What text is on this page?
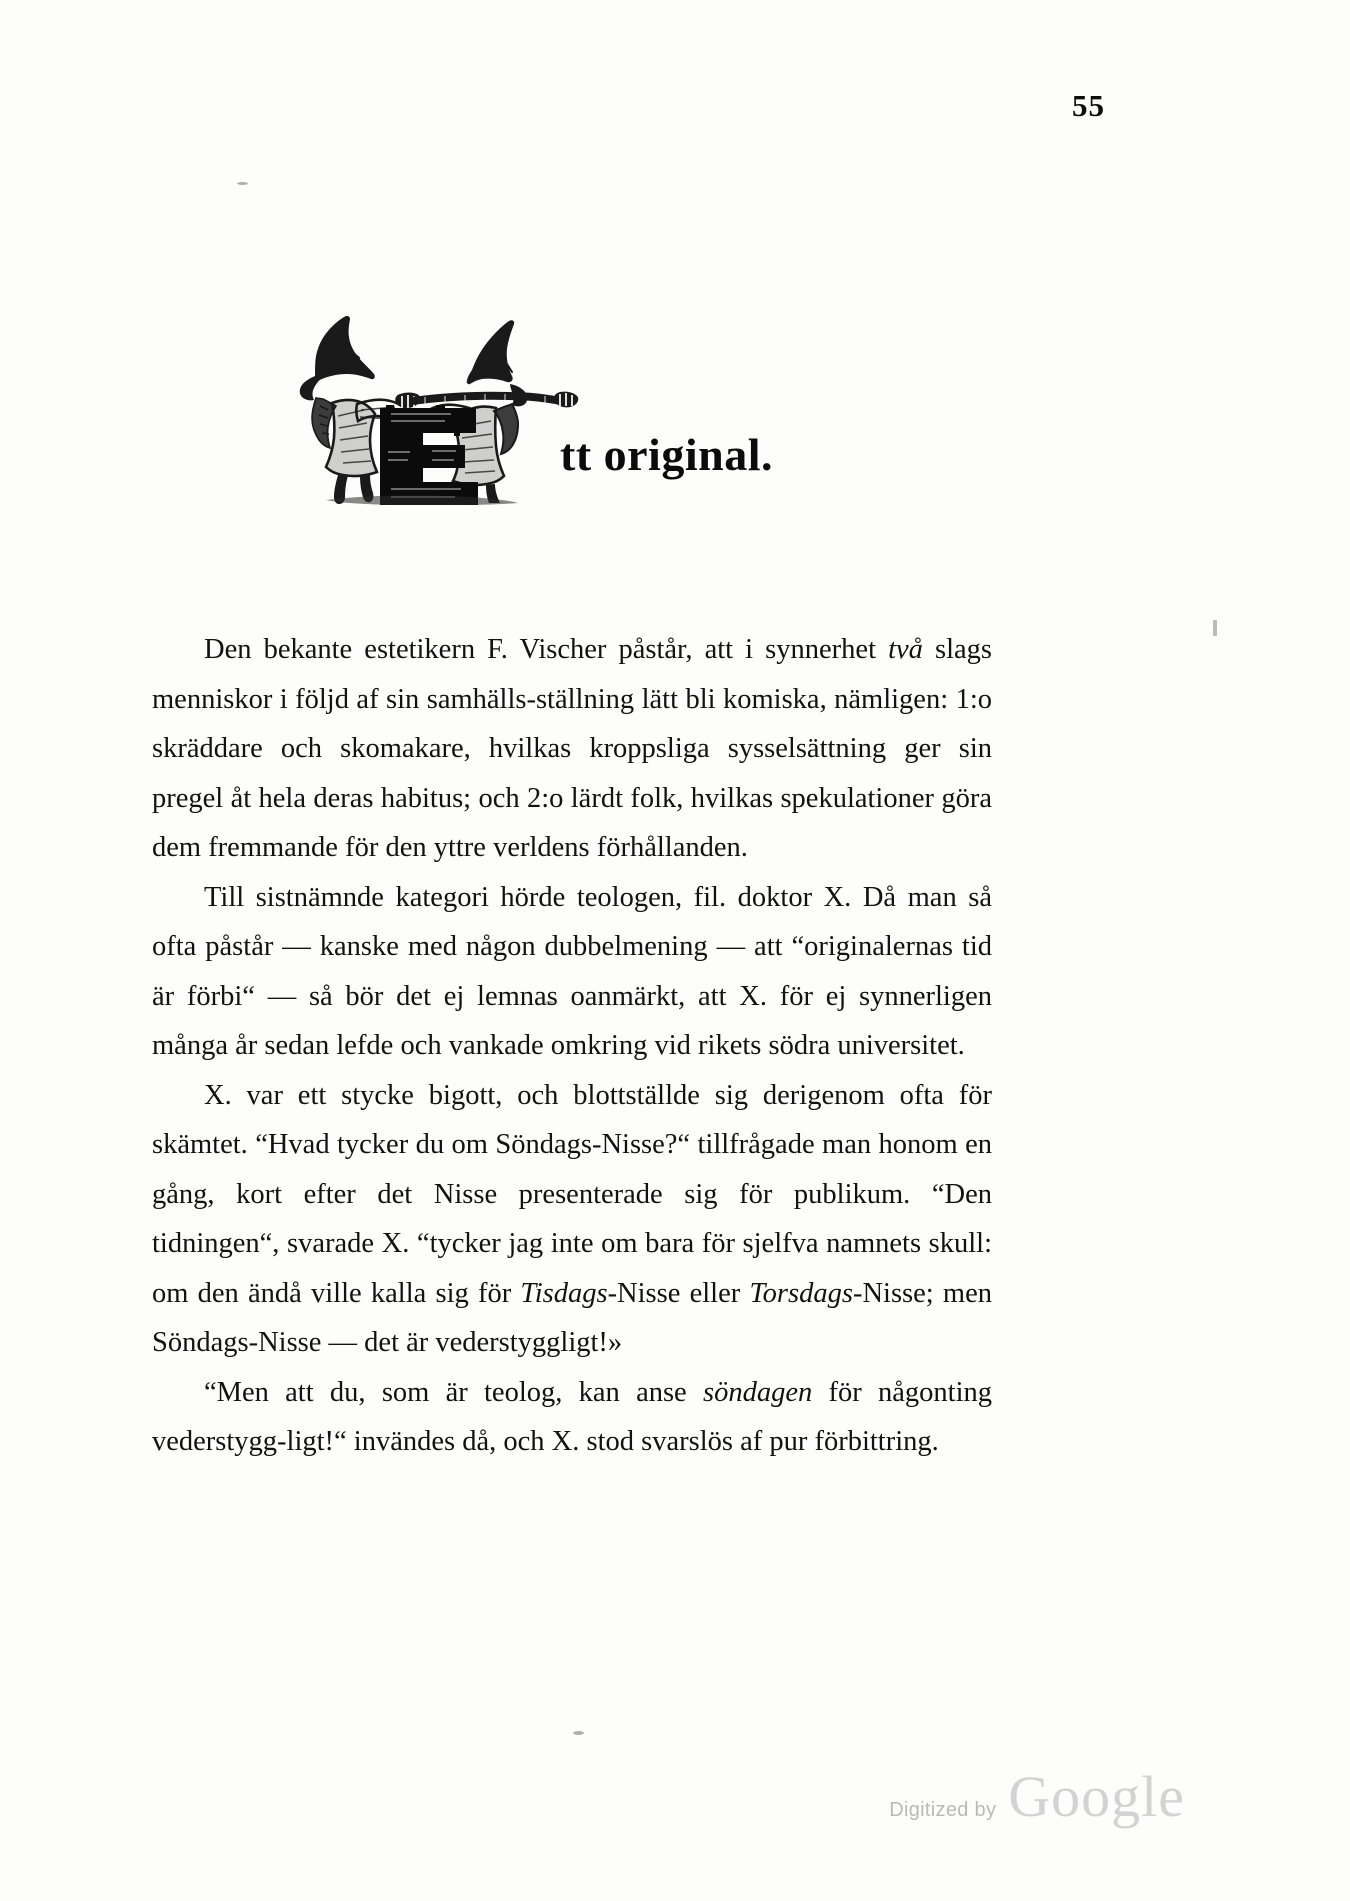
55
tt original.

Den bekante estetikern F. Vischer påstår, att i synnerhet två slags menniskor i följd af sin samhälls-ställning lätt bli komiska, nämligen: 1:o skräddare och skomakare, hvilkas kroppsliga sysselsättning ger sin pregel åt hela deras habitus; och 2:o lärdt folk, hvilkas spekulationer göra dem fremmande för den yttre verldens förhållanden.

Till sistnämnde kategori hörde teologen, fil. doktor X. Då man så ofta påstår — kanske med någon dubbelmening — att “originalernas tid är förbi“ — så bör det ej lemnas oanmärkt, att X. för ej synnerligen många år sedan lefde och vankade omkring vid rikets södra universitet.

X. var ett stycke bigott, och blottställde sig derigenom ofta för skämtet. “Hvad tycker du om Söndags-Nisse?“ tillfrågade man honom en gång, kort efter det Nisse presenterade sig för publikum. “Den tidningen“, svarade X. “tycker jag inte om bara för sjelfva namnets skull: om den ändå ville kalla sig för Tisdags-Nisse eller Torsdags-Nisse; men Söndags-Nisse — det är vederstyggligt!»

“Men att du, som är teolog, kan anse söndagen för någonting vederstygg-ligt!“ invändes då, och X. stod svarslös af pur förbittring.

Digitized by Google
